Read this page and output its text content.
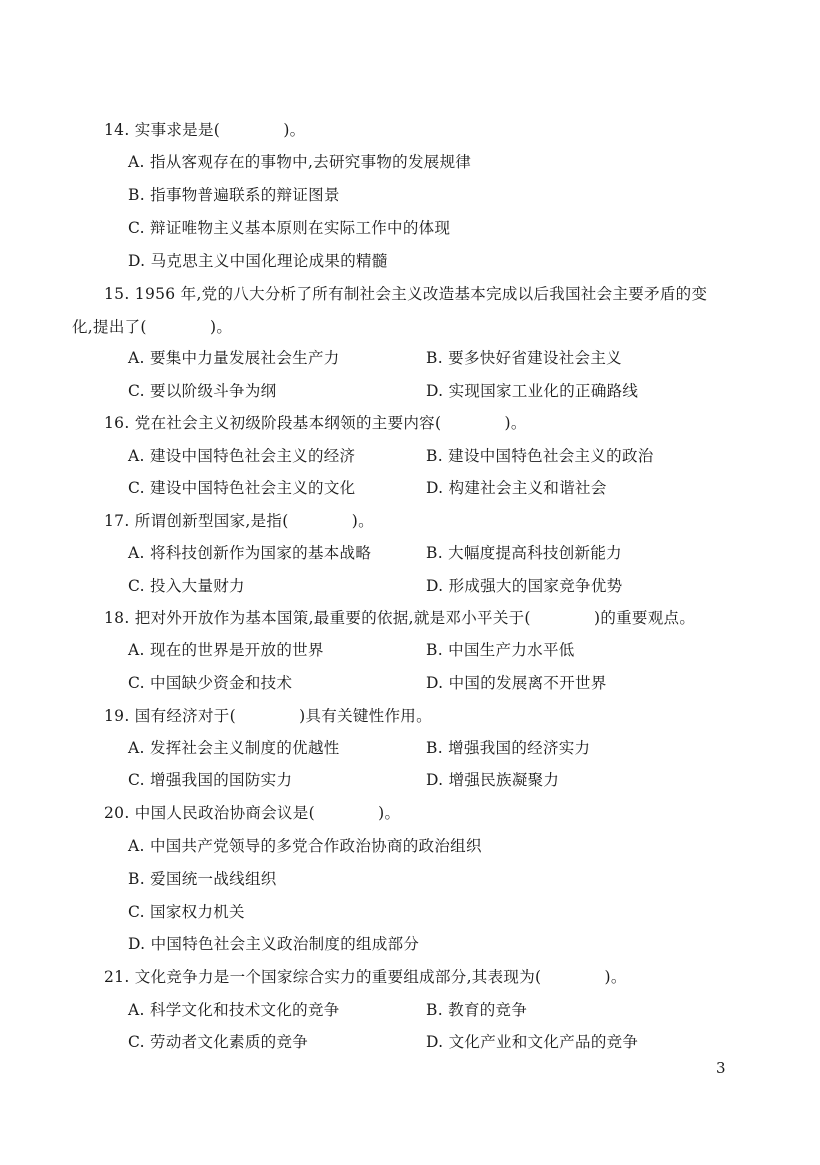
14. 实事求是是(　　　　)。
A. 指从客观存在的事物中,去研究事物的发展规律
B. 指事物普遍联系的辩证图景
C. 辩证唯物主义基本原则在实际工作中的体现
D. 马克思主义中国化理论成果的精髓
15. 1956 年,党的八大分析了所有制社会主义改造基本完成以后我国社会主要矛盾的变
化,提出了(　　　　)。
A. 要集中力量发展社会生产力	B. 要多快好省建设社会主义
C. 要以阶级斗争为纲	D. 实现国家工业化的正确路线
16. 党在社会主义初级阶段基本纲领的主要内容(　　　　)。
A. 建设中国特色社会主义的经济	B. 建设中国特色社会主义的政治
C. 建设中国特色社会主义的文化	D. 构建社会主义和谐社会
17. 所谓创新型国家,是指(　　　　)。
A. 将科技创新作为国家的基本战略	B. 大幅度提高科技创新能力
C. 投入大量财力	D. 形成强大的国家竞争优势
18. 把对外开放作为基本国策,最重要的依据,就是邓小平关于(　　　　)的重要观点。
A. 现在的世界是开放的世界	B. 中国生产力水平低
C. 中国缺少资金和技术	D. 中国的发展离不开世界
19. 国有经济对于(　　　　)具有关键性作用。
A. 发挥社会主义制度的优越性	B. 增强我国的经济实力
C. 增强我国的国防实力	D. 增强民族凝聚力
20. 中国人民政治协商会议是(　　　　)。
A. 中国共产党领导的多党合作政治协商的政治组织
B. 爱国统一战线组织
C. 国家权力机关
D. 中国特色社会主义政治制度的组成部分
21. 文化竞争力是一个国家综合实力的重要组成部分,其表现为(　　　　)。
A. 科学文化和技术文化的竞争	B. 教育的竞争
C. 劳动者文化素质的竞争	D. 文化产业和文化产品的竞争
3
